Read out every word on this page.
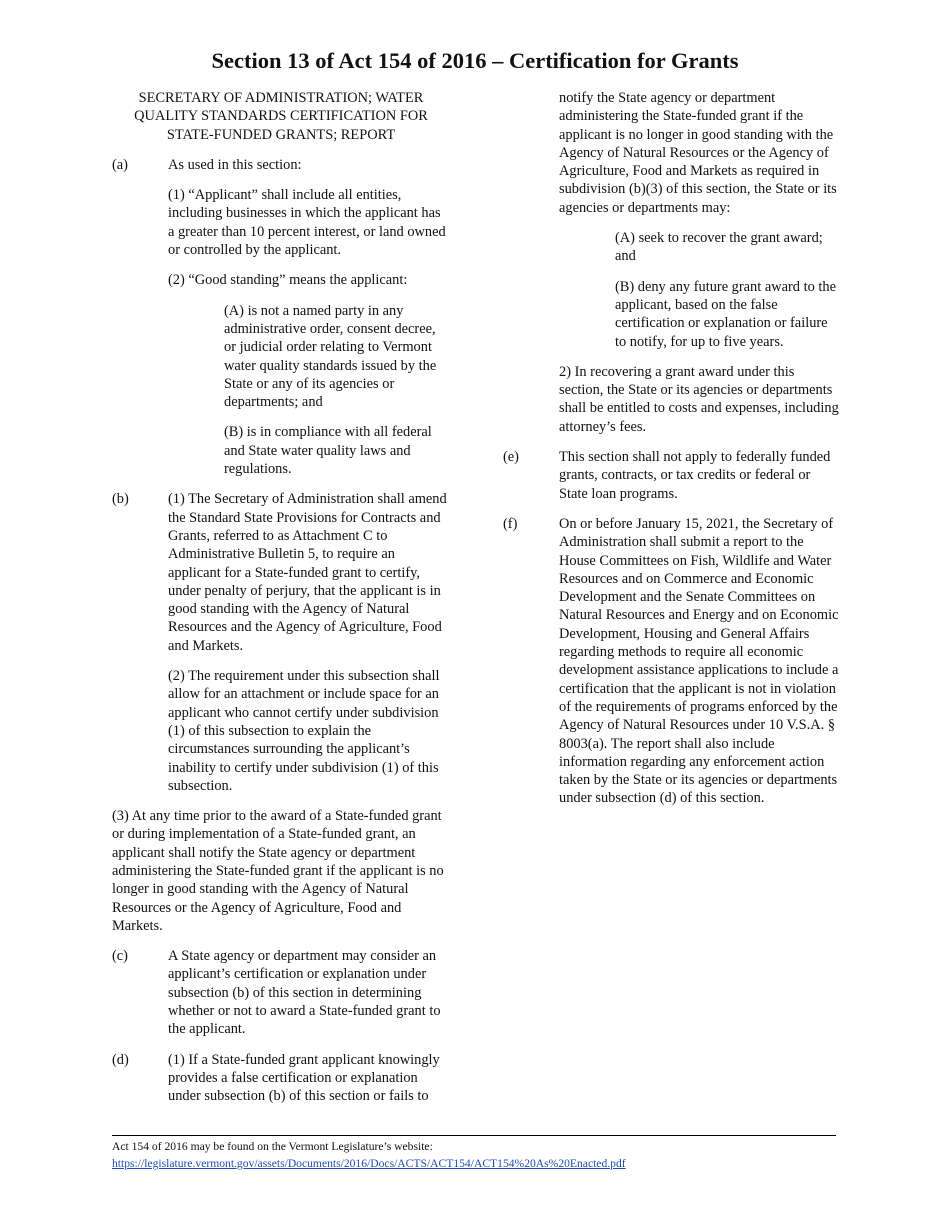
Section 13 of Act 154 of 2016 – Certification for Grants
SECRETARY OF ADMINISTRATION; WATER QUALITY STANDARDS CERTIFICATION FOR STATE-FUNDED GRANTS; REPORT
(a)	As used in this section:
(1) “Applicant” shall include all entities, including businesses in which the applicant has a greater than 10 percent interest, or land owned or controlled by the applicant.
(2) “Good standing” means the applicant:
(A) is not a named party in any administrative order, consent decree, or judicial order relating to Vermont water quality standards issued by the State or any of its agencies or departments; and
(B) is in compliance with all federal and State water quality laws and regulations.
(b)	(1) The Secretary of Administration shall amend the Standard State Provisions for Contracts and Grants, referred to as Attachment C to Administrative Bulletin 5, to require an applicant for a State-funded grant to certify, under penalty of perjury, that the applicant is in good standing with the Agency of Natural Resources and the Agency of Agriculture, Food and Markets.
(2) The requirement under this subsection shall allow for an attachment or include space for an applicant who cannot certify under subdivision (1) of this subsection to explain the circumstances surrounding the applicant’s inability to certify under subdivision (1) of this subsection.
(3) At any time prior to the award of a State-funded grant or during implementation of a State-funded grant, an applicant shall notify the State agency or department administering the State-funded grant if the applicant is no longer in good standing with the Agency of Natural Resources or the Agency of Agriculture, Food and Markets.
(c)	A State agency or department may consider an applicant’s certification or explanation under subsection (b) of this section in determining whether or not to award a State-funded grant to the applicant.
(d)	(1) If a State-funded grant applicant knowingly provides a false certification or explanation under subsection (b) of this section or fails to
notify the State agency or department administering the State-funded grant if the applicant is no longer in good standing with the Agency of Natural Resources or the Agency of Agriculture, Food and Markets as required in subdivision (b)(3) of this section, the State or its agencies or departments may:
(A) seek to recover the grant award; and
(B) deny any future grant award to the applicant, based on the false certification or explanation or failure to notify, for up to five years.
2) In recovering a grant award under this section, the State or its agencies or departments shall be entitled to costs and expenses, including attorney’s fees.
(e)	This section shall not apply to federally funded grants, contracts, or tax credits or federal or State loan programs.
(f)	On or before January 15, 2021, the Secretary of Administration shall submit a report to the House Committees on Fish, Wildlife and Water Resources and on Commerce and Economic Development and the Senate Committees on Natural Resources and Energy and on Economic Development, Housing and General Affairs regarding methods to require all economic development assistance applications to include a certification that the applicant is not in violation of the requirements of programs enforced by the Agency of Natural Resources under 10 V.S.A. § 8003(a). The report shall also include information regarding any enforcement action taken by the State or its agencies or departments under subsection (d) of this section.
Act 154 of 2016 may be found on the Vermont Legislature’s website:
https://legislature.vermont.gov/assets/Documents/2016/Docs/ACTS/ACT154/ACT154%20As%20Enacted.pdf
